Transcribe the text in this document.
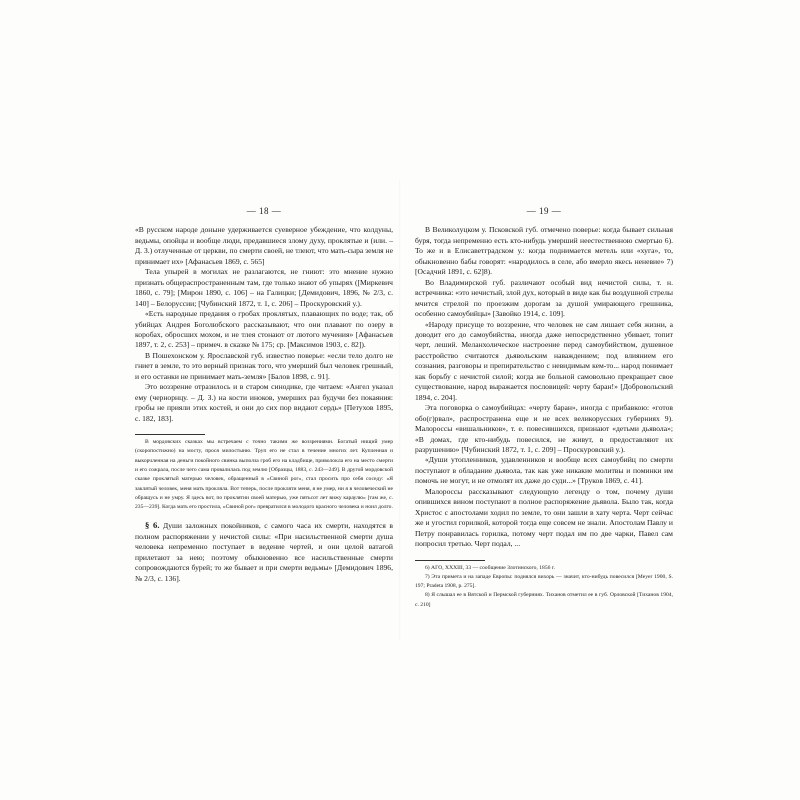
— 18 —

«В русском народе доныне удерживается суеверное убеждение, что колдуны, ведьмы, опойцы и вообще люди, предавшиеся злому духу, проклятые и (или. – Д. З.) отлученные от церкви, по смерти своей, не тлеют, что мать-сыра земля не принимает их» [Афанасьев 1869, с. 565]

Тела упырей в могилах не разлагаются, не гниют: это мнение нужно признать общераспространенным там, где только знают об упырях ([Миркевич 1860, с. 79]; [Мирон 1890, с. 106] – на Галицки; [Демидович, 1896, № 2/3, с. 140] – Белоруссии; [Чубинский 1872, т. 1, с. 206] – Проскуровский у.).

«Есть народные предания о гробах проклятых, плавающих по воде; так, об убийцах Андрея Боголюбского рассказывают, что они плавают по озеру в коробах, обросших мохом, и не тлея стонают от лютого мучения» [Афанасьев 1897, т. 2, с. 253] – примеч. в сказке № 175; ср. [Максимов 1903, с. 82]).

В Пошехонском у. Ярославской губ. известно поверье: «если тело долго не гниет в земле, то это верный признак того, что умерший был человек грешный, и его останки не принимает мать-земля» [Балов 1898, с. 91].

Это воззрение отразилось и в старом синодике, где читаем: «Ангел указал ему (чернорнцу. – Д. З.) на кости иноков, умерших раз будучи без покаяния: гробы не прияли этих костей, и они до сих пор видают сердь» [Петухов 1895, с. 182, 183].

В мордовских сказках мы встречаем с точно такими же воззрениями. Богатый нищий умер (скоропостижно) на мосту, прося милостыню. Труп его не стал в течение многих лет. Купленная и выкорчленная на деньги покойного свинка выполза гроб его на кладбище, приволокла его на место смерти и его сожрала, после чего сама провалилась под землю [Образцы, 1883, с. 243—249]. В другой мордовской сказке проклятый матерью человек, обращенный в «Свиной рог», стал просить про себя соседу: «Я заклятый человек, меня мать прокляла. Вот теперь, после прокляти меня, я не умер, ни я в человеческий не обращусь и не умру. Я здесь вот, по проклятии своей матерью, уже пятьсот лет вижу караулю» [там же, с. 235—239]. Когда мать его простила, «Свиной рог» превратился в молодого красного человека и ноил долго.

§ 6. Души заложных покойников, с самого часа их смерти, находятся в полном распоряжении у нечистой силы: «При насильственной смерти душа человека непременно поступает в ведение чертей, и они целой ватагой прилетают за нею; поэтому обыкновенно все насильственные смерти сопровождаются бурей; то же бывает и при смерти ведьмы» [Демидович 1896, № 2/3, с. 136].

— 19 —

В Великолуцком у. Псковской губ. отмечено поверье: когда бывает сильная буря, тогда непременно есть кто-нибудь умерший неестественною смертью 6). То же и в Елисаветградском у.: когда поднимается метель или «хуга», то, обыкновенно бабы говорят: «народилось в селе, або вмерло якесь неневие» 7) [Осадчий 1891, с. 62]8).

Во Владимирской губ. различают особый вид нечистой силы, т. н. встречника: «это нечистый, злой дух, который в виде как бы воздушной стрелы мчится стрелой по проезжим дорогам за душой умирающего грешника, особенно самоубийцы» [Завойко 1914, с. 109].

«Народу присуще то воззрение, что человек не сам лишает себя жизни, а доводит его до самоубийства, иногда даже непосредственно убивает, топит черт, леший. Меланхолическое настроение перед самоубийством, душевное расстройство считаются дьявольским наваждением; под влиянием его сознания, разговоры и препирательство с невидимым кем-то... народ понимает как борьбу с нечистой силой; когда же больной самовольно прекращает свое существование, народ выражается пословицей: черту баран!» [Добровольский 1894, с. 204].

Эта поговорка о самоубийцах: «черту баран», иногда с прибавкою: «готов обо(г)рвал», распространена еще и не всех великорусских губерниях 9). Малороссы «вишальников», т. е. повесившихся, признают «детьми дьявола»; «В домах, где кто-нибудь повесился, не живут, в предоставляют их разрушению» [Чубинский 1872, т. 1, с. 209] – Проскуровский у.).

«Души утопленников, удавленников и вообще всех самоубийц по смерти поступают в обладание дьявола, так как уже никакие молитвы и поминки им помочь не могут, и не отмолят их даже до суди...» [Труков 1869, с. 41].

Малороссы рассказывают следующую легенду о том, почему души опившихся вином поступают в полное распоряжение дьявола. Было так, когда Христос с апостолами ходил по земле, то они зашли в хату черта. Черт сейчас же и угостил горилкой, которой тогда еще совсем не знали. Апостолам Павлу и Петру понравилась горилка, потому черт подал им по две чарки, Павел сам попросил третью. Черт подал, ...

6) АГО, XXXIII, 33 — сообщение Злотинского, 1856 г.

7) Эта примета и на западе Европы: поднялся вихорь — значит, кто-нибудь повесился [Meyer 1900, S. 197; Pradeta 1908, р. 275].

8) Я слышал ее в Вятской и Пермской губерниях. Тиханов отметил ее в губ. Орловской [Тиханов 1904, с. 210]
